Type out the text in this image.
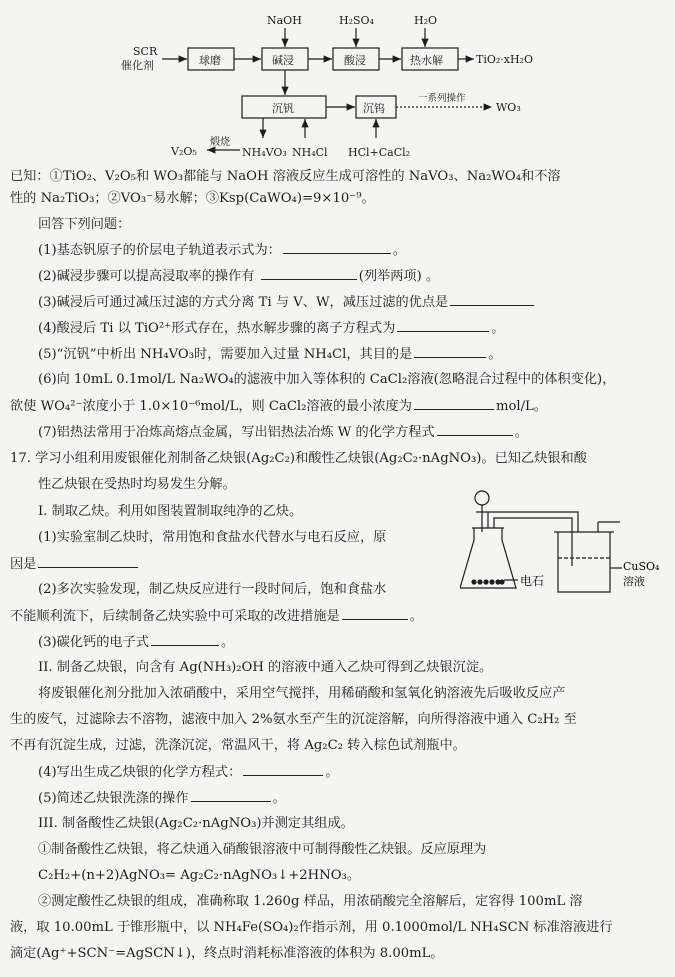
SCR
催化剂	球磨	碱浸	酸浸	热水解
NaOH	H₂SO₄	H₂O
TiO₂·xH₂O
沉钒	沉钨
一系列操作
WO₃
煅烧
V₂O₅	NH₄VO₃ NH₄Cl HCl+CaCl₂
已知：①TiO₂、V₂O₅和 WO₃都能与 NaOH 溶液反应生成可溶性的 NaVO₃、Na₂WO₄和不溶
性的 Na₂TiO₃；②VO₃⁻易水解；③Ksp(CaWO₄)=9×10⁻⁹。
回答下列问题：
(1)基态钒原子的价层电子轨道表示式为：	。
(2)碱浸步骤可以提高浸取率的操作有	(列举两项) 。
(3)碱浸后可通过减压过滤的方式分离 Ti 与 V、W，减压过滤的优点是
(4)酸浸后 Ti 以 TiO²⁺形式存在，热水解步骤的离子方程式为	。
(5)“沉钒”中析出 NH₄VO₃时，需要加入过量 NH₄Cl，其目的是	。
(6)向 10mL 0.1mol/L Na₂WO₄的滤液中加入等体积的 CaCl₂溶液(忽略混合过程中的体积变化)，
欲使 WO₄²⁻浓度小于 1.0×10⁻⁶mol/L，则 CaCl₂溶液的最小浓度为	mol/L。
(7)铝热法常用于冶炼高熔点金属，写出铝热法冶炼 W 的化学方程式	。
17. 学习小组利用废银催化剂制备乙炔银(Ag₂C₂)和酸性乙炔银(Ag₂C₂·nAgNO₃)。已知乙炔银和酸
性乙炔银在受热时均易发生分解。
I. 制取乙炔。利用如图装置制取纯净的乙炔。
(1)实验室制乙炔时，常用饱和食盐水代替水与电石反应，原
因是
(2)多次实验发现，制乙炔反应进行一段时间后，饱和食盐水
不能顺利流下，后续制备乙炔实验中可采取的改进措施是	。
(3)碳化钙的电子式	。
II. 制备乙炔银，向含有 Ag(NH₃)₂OH 的溶液中通入乙炔可得到乙炔银沉淀。
将废银催化剂分批加入浓硝酸中，采用空气搅拌，用稀硝酸和氢氧化钠溶液先后吸收反应产
生的废气，过滤除去不溶物，滤液中加入 2%氨水至产生的沉淀溶解，向所得溶液中通入 C₂H₂ 至
不再有沉淀生成，过滤，洗涤沉淀，常温风干，将 Ag₂C₂ 转入棕色试剂瓶中。
(4)写出生成乙炔银的化学方程式：	。
(5)简述乙炔银洗涤的操作	。
III. 制备酸性乙炔银(Ag₂C₂·nAgNO₃)并测定其组成。
①制备酸性乙炔银，将乙炔通入硝酸银溶液中可制得酸性乙炔银。反应原理为
C₂H₂+(n+2)AgNO₃= Ag₂C₂·nAgNO₃↓+2HNO₃。
②测定酸性乙炔银的组成，准确称取 1.260g 样品，用浓硝酸完全溶解后，定容得 100mL 溶
液，取 10.00mL 于锥形瓶中，以 NH₄Fe(SO₄)₂作指示剂，用 0.1000mol/L NH₄SCN 标准溶液进行
滴定(Ag⁺+SCN⁻=AgSCN↓)，终点时消耗标准溶液的体积为 8.00mL。
电石
CuSO₄
溶液
